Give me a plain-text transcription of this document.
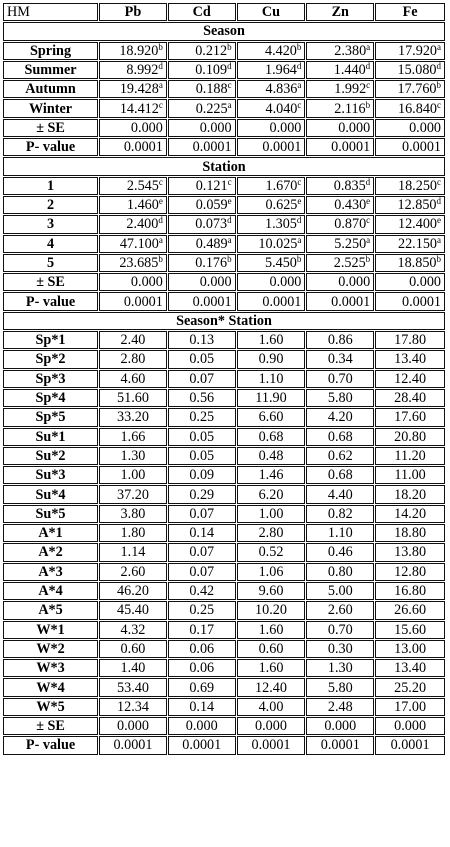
HM	Pb	Cd	Cu	Zn	Fe
Season					
Spring	18.920$^b$	0.212$^b$	4.420$^b$	2.380$^a$	17.920$^a$
Summer	8.992$^d$	0.109$^d$	1.964$^d$	1.440$^d$	15.080$^d$
Autumn	19.428$^a$	0.188$^c$	4.836$^a$	1.992$^c$	17.760$^b$
Winter	14.412$^c$	0.225$^a$	4.040$^c$	2.116$^b$	16.840$^c$
± SE	0.000	0.000	0.000	0.000	0.000
P- value	0.0001	0.0001	0.0001	0.0001	0.0001
Station					
1	2.545$^c$	0.121$^c$	1.670$^c$	0.835$^d$	18.250$^c$
2	1.460e	0.059e	0.625e	0.430e	12.850$^d$
3	2.400$^d$	0.073$^d$	1.305$^d$	0.870$^c$	12.400e
4	47.100$^a$	0.489$^a$	10.025$^a$	5.250$^a$	22.150$^a$
5	23.685$^b$	0.176$^b$	5.450$^b$	2.525$^b$	18.850$^b$
± SE	0.000	0.000	0.000	0.000	0.000
P- value	0.0001	0.0001	0.0001	0.0001	0.0001
Season* Station					
Sp*1	2.40	0.13	1.60	0.86	17.80
Sp*2	2.80	0.05	0.90	0.34	13.40
Sp*3	4.60	0.07	1.10	0.70	12.40
Sp*4	51.60	0.56	11.90	5.80	28.40
Sp*5	33.20	0.25	6.60	4.20	17.60
Su*1	1.66	0.05	0.68	0.68	20.80
Su*2	1.30	0.05	0.48	0.62	11.20
Su*3	1.00	0.09	1.46	0.68	11.00
Su*4	37.20	0.29	6.20	4.40	18.20
Su*5	3.80	0.07	1.00	0.82	14.20
A*1	1.80	0.14	2.80	1.10	18.80
A*2	1.14	0.07	0.52	0.46	13.80
A*3	2.60	0.07	1.06	0.80	12.80
A*4	46.20	0.42	9.60	5.00	16.80
A*5	45.40	0.25	10.20	2.60	26.60
W*1	4.32	0.17	1.60	0.70	15.60
W*2	0.60	0.06	0.60	0.30	13.00
W*3	1.40	0.06	1.60	1.30	13.40
W*4	53.40	0.69	12.40	5.80	25.20
W*5	12.34	0.14	4.00	2.48	17.00
± SE	0.000	0.000	0.000	0.000	0.000
P- value	0.0001	0.0001	0.0001	0.0001	0.0001
